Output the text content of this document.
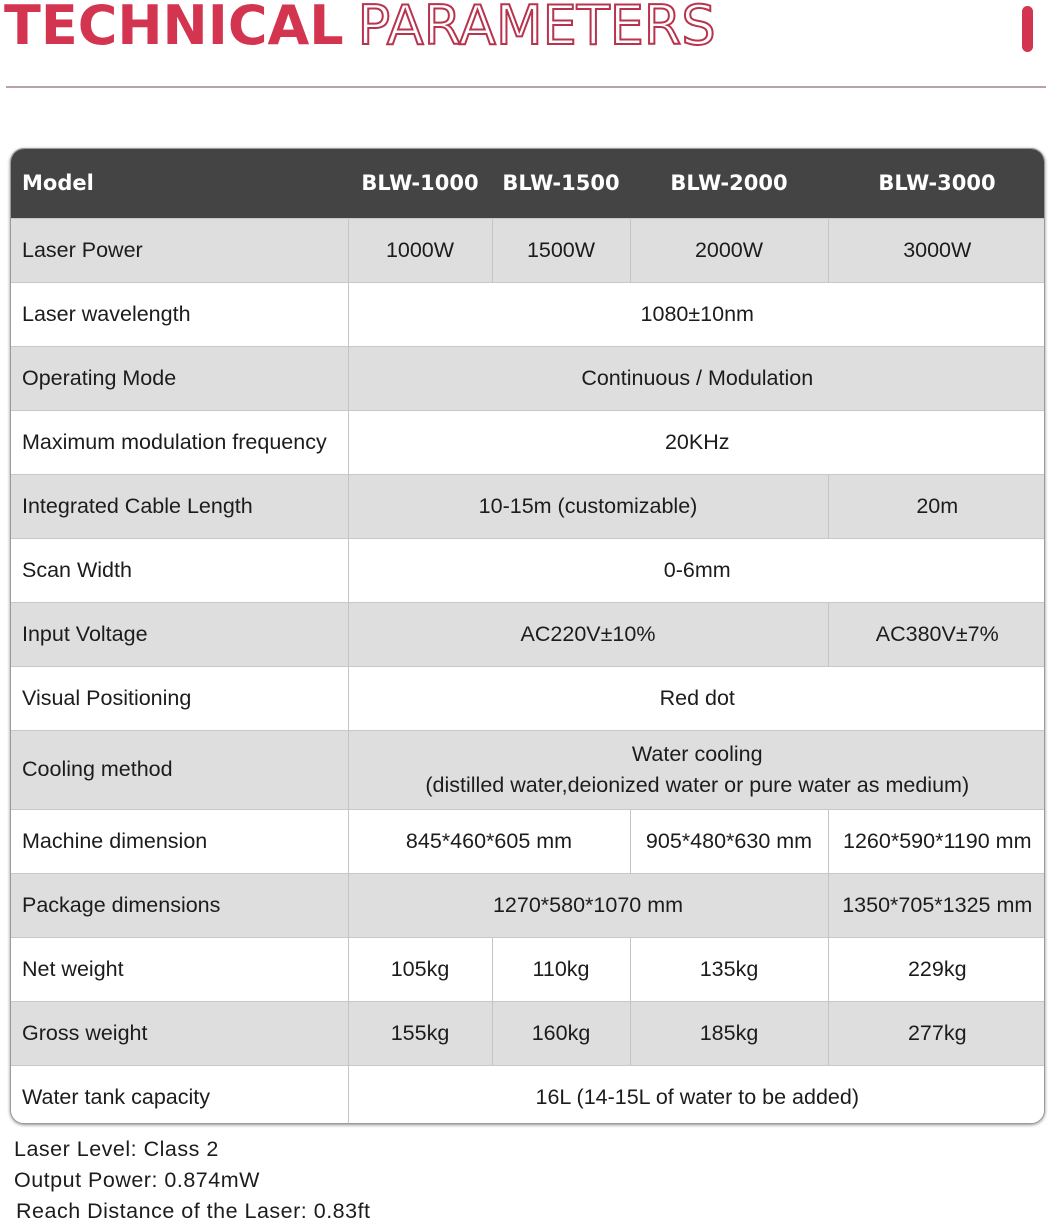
TECHNICAL PARAMETERS
Model	BLW-1000	BLW-1500	BLW-2000	BLW-3000
Laser Power	1000W	1500W	2000W	3000W
Laser wavelength	1080±10nm			
Operating Mode	Continuous / Modulation			
Maximum modulation frequency	20KHz			
Integrated Cable Length	10-15m (customizable)			20m
Scan Width	0-6mm			
Input Voltage	AC220V±10%			AC380V±7%
Visual Positioning	Red dot			
Cooling method	Water cooling
(distilled water,deionized water or pure water as medium)			

Machine dimension	845*460*605 mm		905*480*630 mm	1260*590*1190 mm
Package dimensions	1270*580*1070 mm			1350*705*1325 mm
Net weight	105kg	110kg	135kg	229kg
Gross weight	155kg	160kg	185kg	277kg
Water tank capacity	16L (14-15L of water to be added)			
Laser Level: Class 2
Output Power: 0.874mW
Reach Distance of the Laser: 0.83ft
